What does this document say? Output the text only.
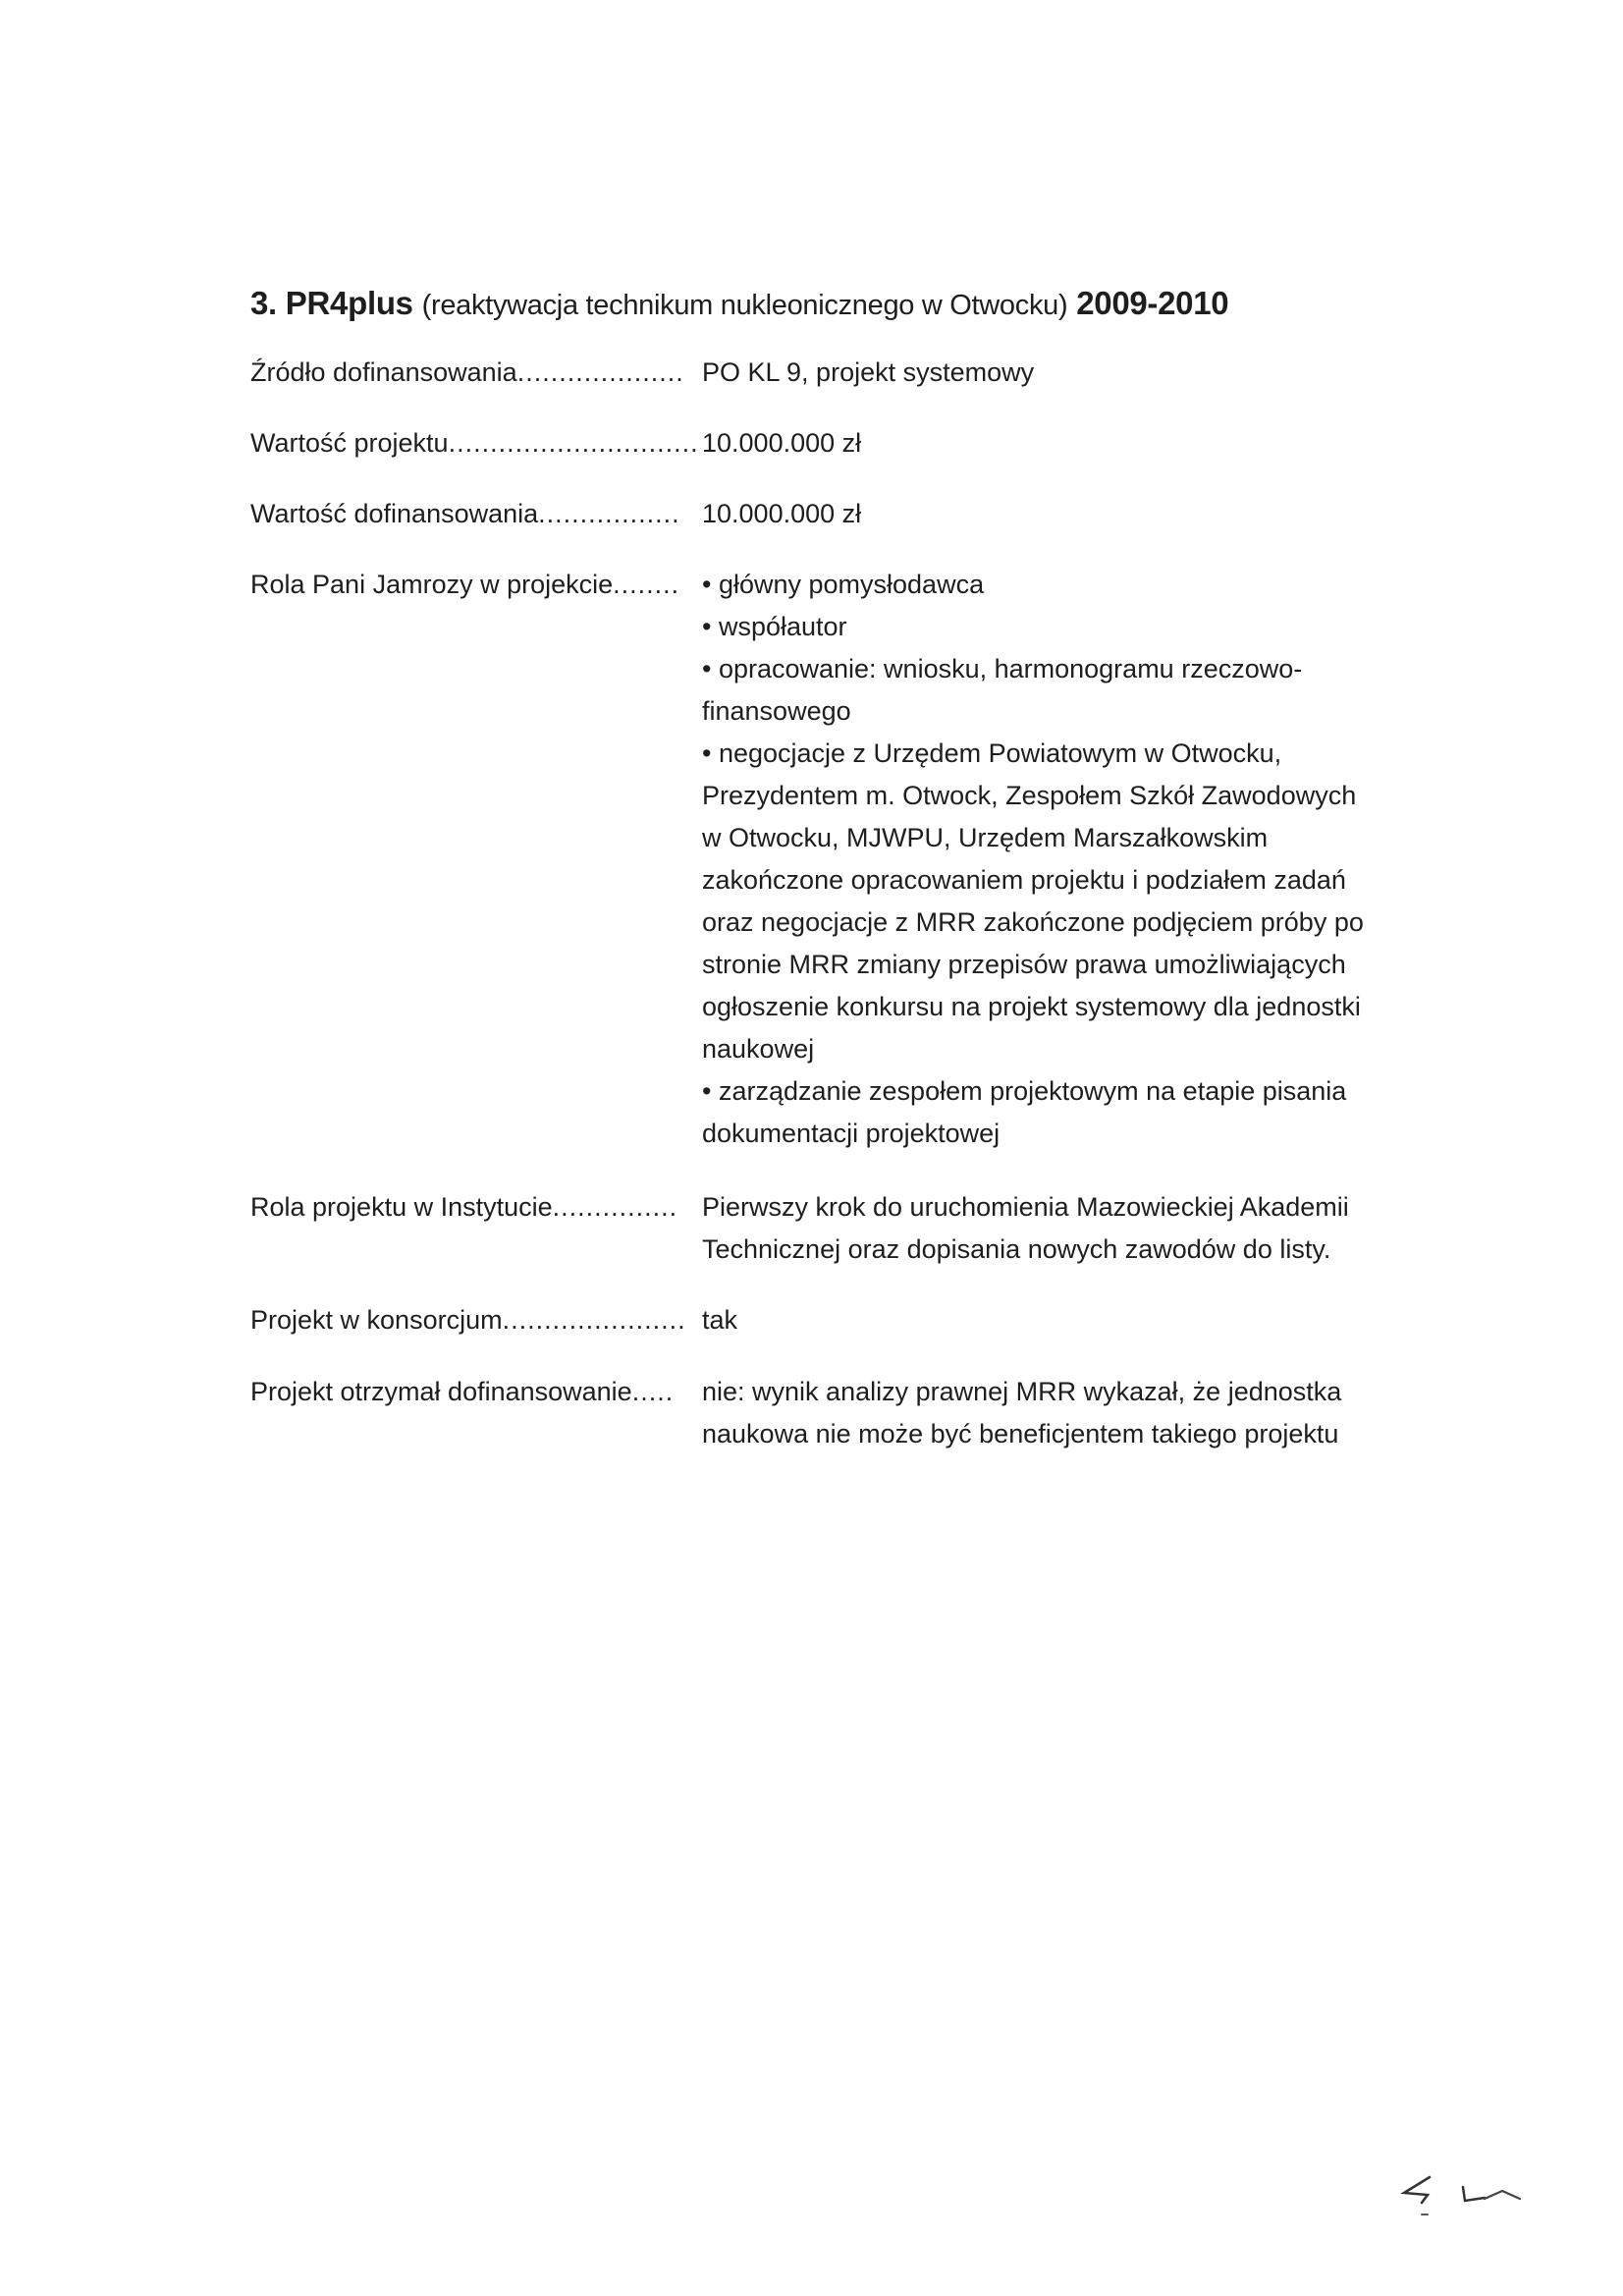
3. PR4plus (reaktywacja technikum nukleonicznego w Otwocku) 2009-2010
Źródło dofinansowania.................... PO KL 9, projekt systemowy

Wartość projektu.............................. 10.000.000 zł

Wartość dofinansowania................. 10.000.000 zł

Rola Pani Jamrozy w projekcie........ • główny pomysłodawca

• współautor

• opracowanie: wniosku, harmonogramu rzeczowo-

finansowego

• negocjacje z Urzędem Powiatowym w Otwocku,

Prezydentem m. Otwock, Zespołem Szkół Zawodowych

w Otwocku, MJWPU, Urzędem Marszałkowskim

zakończone opracowaniem projektu i podziałem zadań

oraz negocjacje z MRR zakończone podjęciem próby po

stronie MRR zmiany przepisów prawa umożliwiających

ogłoszenie konkursu na projekt systemowy dla jednostki

naukowej

• zarządzanie zespołem projektowym na etapie pisania

dokumentacji projektowej

Rola projektu w Instytucie............... Pierwszy krok do uruchomienia Mazowieckiej Akademii

Technicznej oraz dopisania nowych zawodów do listy.

Projekt w konsorcjum...................... tak

Projekt otrzymał dofinansowanie.....	nie: wynik analizy prawnej MRR wykazał, że jednostka

naukowa nie może być beneficjentem takiego projektu
